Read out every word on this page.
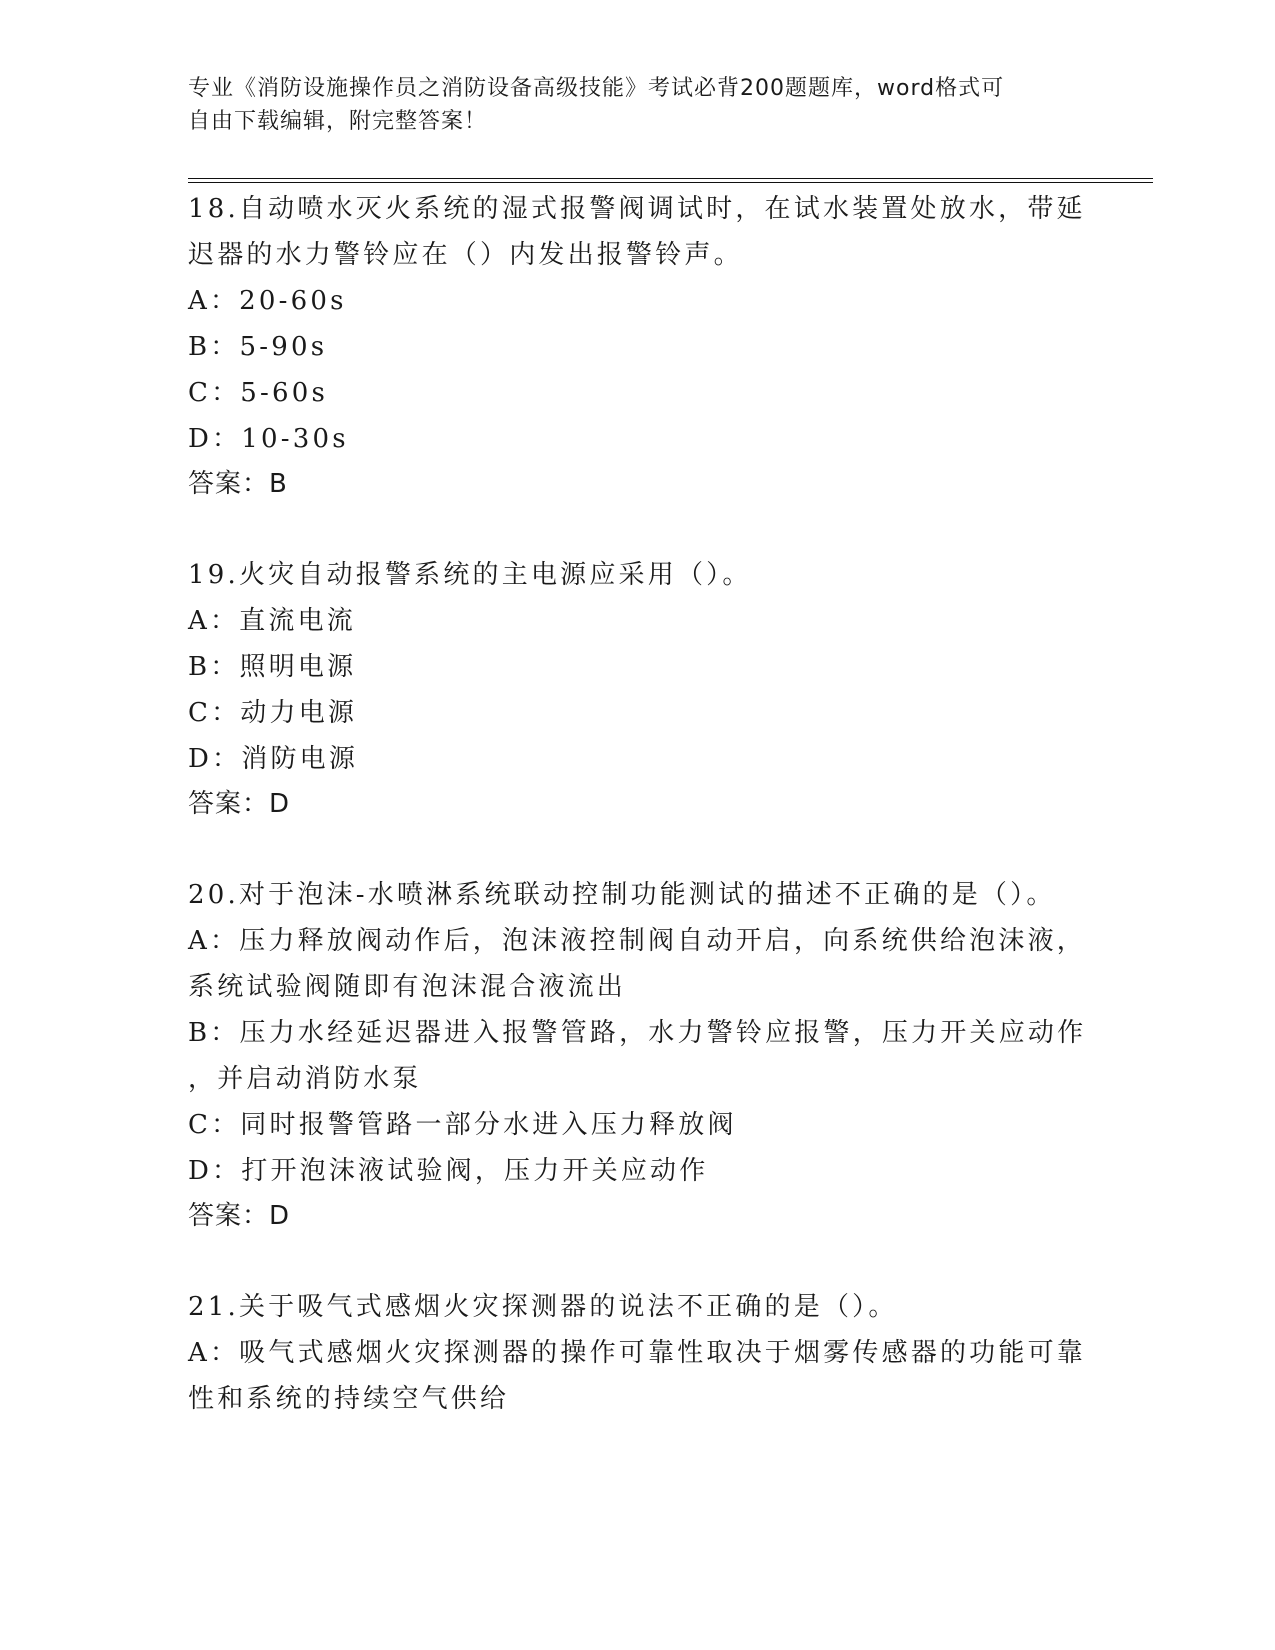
专业《消防设施操作员之消防设备高级技能》考试必背200题题库，word格式可
自由下载编辑，附完整答案！
18.自动喷水灭火系统的湿式报警阀调试时，在试水装置处放水，带延
迟器的水力警铃应在（）内发出报警铃声。
A：20-60s
B：5-90s
C：5-60s
D：10-30s
答案：B
19.火灾自动报警系统的主电源应采用（）。
A：直流电流
B：照明电源
C：动力电源
D：消防电源
答案：D
20.对于泡沫-水喷淋系统联动控制功能测试的描述不正确的是（）。
A：压力释放阀动作后，泡沫液控制阀自动开启，向系统供给泡沫液，
系统试验阀随即有泡沫混合液流出
B：压力水经延迟器进入报警管路，水力警铃应报警，压力开关应动作
，并启动消防水泵
C：同时报警管路一部分水进入压力释放阀
D：打开泡沫液试验阀，压力开关应动作
答案：D
21.关于吸气式感烟火灾探测器的说法不正确的是（）。
A：吸气式感烟火灾探测器的操作可靠性取决于烟雾传感器的功能可靠
性和系统的持续空气供给
